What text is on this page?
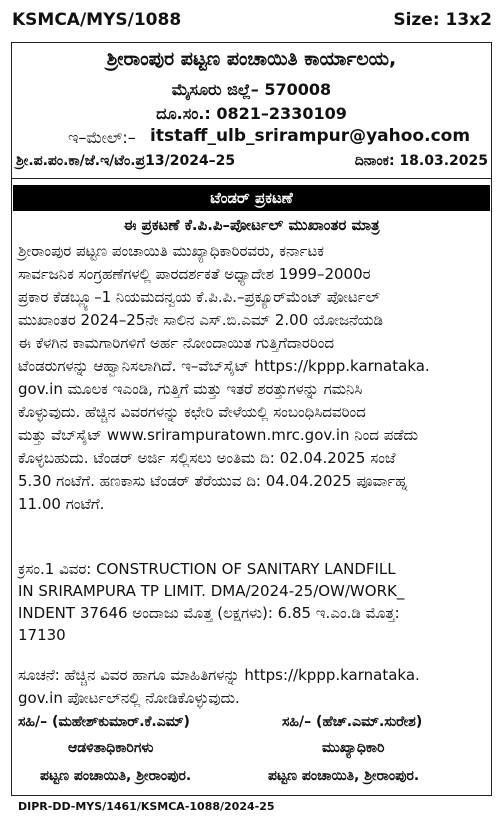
KSMCA/MYS/1088	Size: 13x2
ಶ್ರೀರಾಂಪುರ ಪಟ್ಟಣ ಪಂಚಾಯಿತಿ ಕಾರ್ಯಾಲಯ,
ಮೈಸೂರು ಜಿಲ್ಲೆ– 570008
ದೂ.ಸಂ.: 0821–2330109
ಇ–ಮೇಲ್:– itstaff_ulb_srirampur@yahoo.com
ಶ್ರೀ.ಪ.ಪಂ.ಕಾ/ಜೆ.ಇ/ಟೆಂ.ಪ್ರ13/2024–25	ದಿನಾಂಕ: 18.03.2025
ಟೆಂಡರ್ ಪ್ರಕಟಣೆ
ಈ ಪ್ರಕಟಣೆ ಕೆ.ಪಿ.ಪಿ–ಪೋರ್ಟಲ್ ಮುಖಾಂತರ ಮಾತ್ರ
ಶ್ರೀರಾಂಪುರ ಪಟ್ಟಣ ಪಂಚಾಯಿತಿ ಮುಖ್ಯಾಧಿಕಾರಿರವರು, ಕರ್ನಾಟಕ
ಸಾರ್ವಜನಿಕ ಸಂಗ್ರಹಣೆಗಳಲ್ಲಿ ಪಾರದರ್ಶಕತೆ ಅಧ್ಯಾದೇಶ 1999–2000ರ
ಪ್ರಕಾರ ಕೆಡಬ್ಲ್ಯೂ–1 ನಿಯಮದನ್ವಯ ಕೆ.ಪಿ.ಪಿ.–ಪ್ರಕ್ಯೂರ್‌ಮೆಂಟ್ ಪೋರ್ಟಲ್
ಮುಖಾಂತರ 2024–25ನೇ ಸಾಲಿನ ಎಸ್.ಬಿ.ಎಮ್ 2.00 ಯೋಜನೆಯಡಿ
ಈ ಕೆಳಗಿನ ಕಾಮಗಾರಿಗಳಿಗೆ ಅರ್ಹ ನೋಂದಾಯಿತ ಗುತ್ತಿಗೆದಾರರಿಂದ
ಟೆಂಡರುಗಳನ್ನು ಆಹ್ವಾನಿಸಲಾಗಿದೆ. ಇ–ವೆಬ್‌ಸೈಟ್ https://kppp.karnataka.
gov.in ಮೂಲಕ ಇಎಂಡಿ, ಗುತ್ತಿಗೆ ಮತ್ತು ಇತರೆ ಶರತ್ತುಗಳನ್ನು ಗಮನಿಸಿ
ಕೊಳ್ಳುವುದು. ಹೆಚ್ಚಿನ ವಿವರಗಳನ್ನು ಕಛೇರಿ ವೇಳೆಯಲ್ಲಿ ಸಂಬಂಧಿಸಿದವರಿಂದ
ಮತ್ತು ವೆಬ್‌ಸೈಟ್ www.srirampuratown.mrc.gov.in ನಿಂದ ಪಡೆದು
ಕೊಳ್ಳಬಹುದು. ಟೆಂಡರ್ ಅರ್ಜಿ ಸಲ್ಲಿಸಲು ಅಂತಿಮ ದಿ: 02.04.2025 ಸಂಜೆ
5.30 ಗಂಟೆಗೆ. ಹಣಕಾಸು ಟೆಂಡರ್ ತೆರೆಯುವ ದಿ: 04.04.2025 ಪೂರ್ವಾಹ್ನ
11.00 ಗಂಟೆಗೆ.
ಕ್ರಸಂ.1 ವಿವರ: CONSTRUCTION OF SANITARY LANDFILL
IN SRIRAMPURA TP LIMIT. DMA/2024-25/OW/WORK_
INDENT 37646 ಅಂದಾಜು ಮೊತ್ತ (ಲಕ್ಷಗಳು): 6.85 ಇ.ಎಂ.ಡಿ ಮೊತ್ತ:
17130
ಸೂಚನೆ: ಹೆಚ್ಚಿನ ವಿವರ ಹಾಗೂ ಮಾಹಿತಿಗಳನ್ನು https://kppp.karnataka.
gov.in ಪೋರ್ಟಲ್‌ನಲ್ಲಿ ನೋಡಿಕೊಳ್ಳುವುದು.
ಸಹಿ/– (ಮಹೇಶ್‌ಕುಮಾರ್.ಕೆ.ಎಮ್)	ಸಹಿ/– (ಹೆಚ್.ಎಮ್.ಸುರೇಶ)
ಆಡಳಿತಾಧಿಕಾರಿಗಳು	ಮುಖ್ಯಾಧಿಕಾರಿ
ಪಟ್ಟಣ ಪಂಚಾಯಿತಿ, ಶ್ರೀರಾಂಪುರ.	ಪಟ್ಟಣ ಪಂಚಾಯಿತಿ, ಶ್ರೀರಾಂಪುರ.
DIPR-DD-MYS/1461/KSMCA-1088/2024-25
